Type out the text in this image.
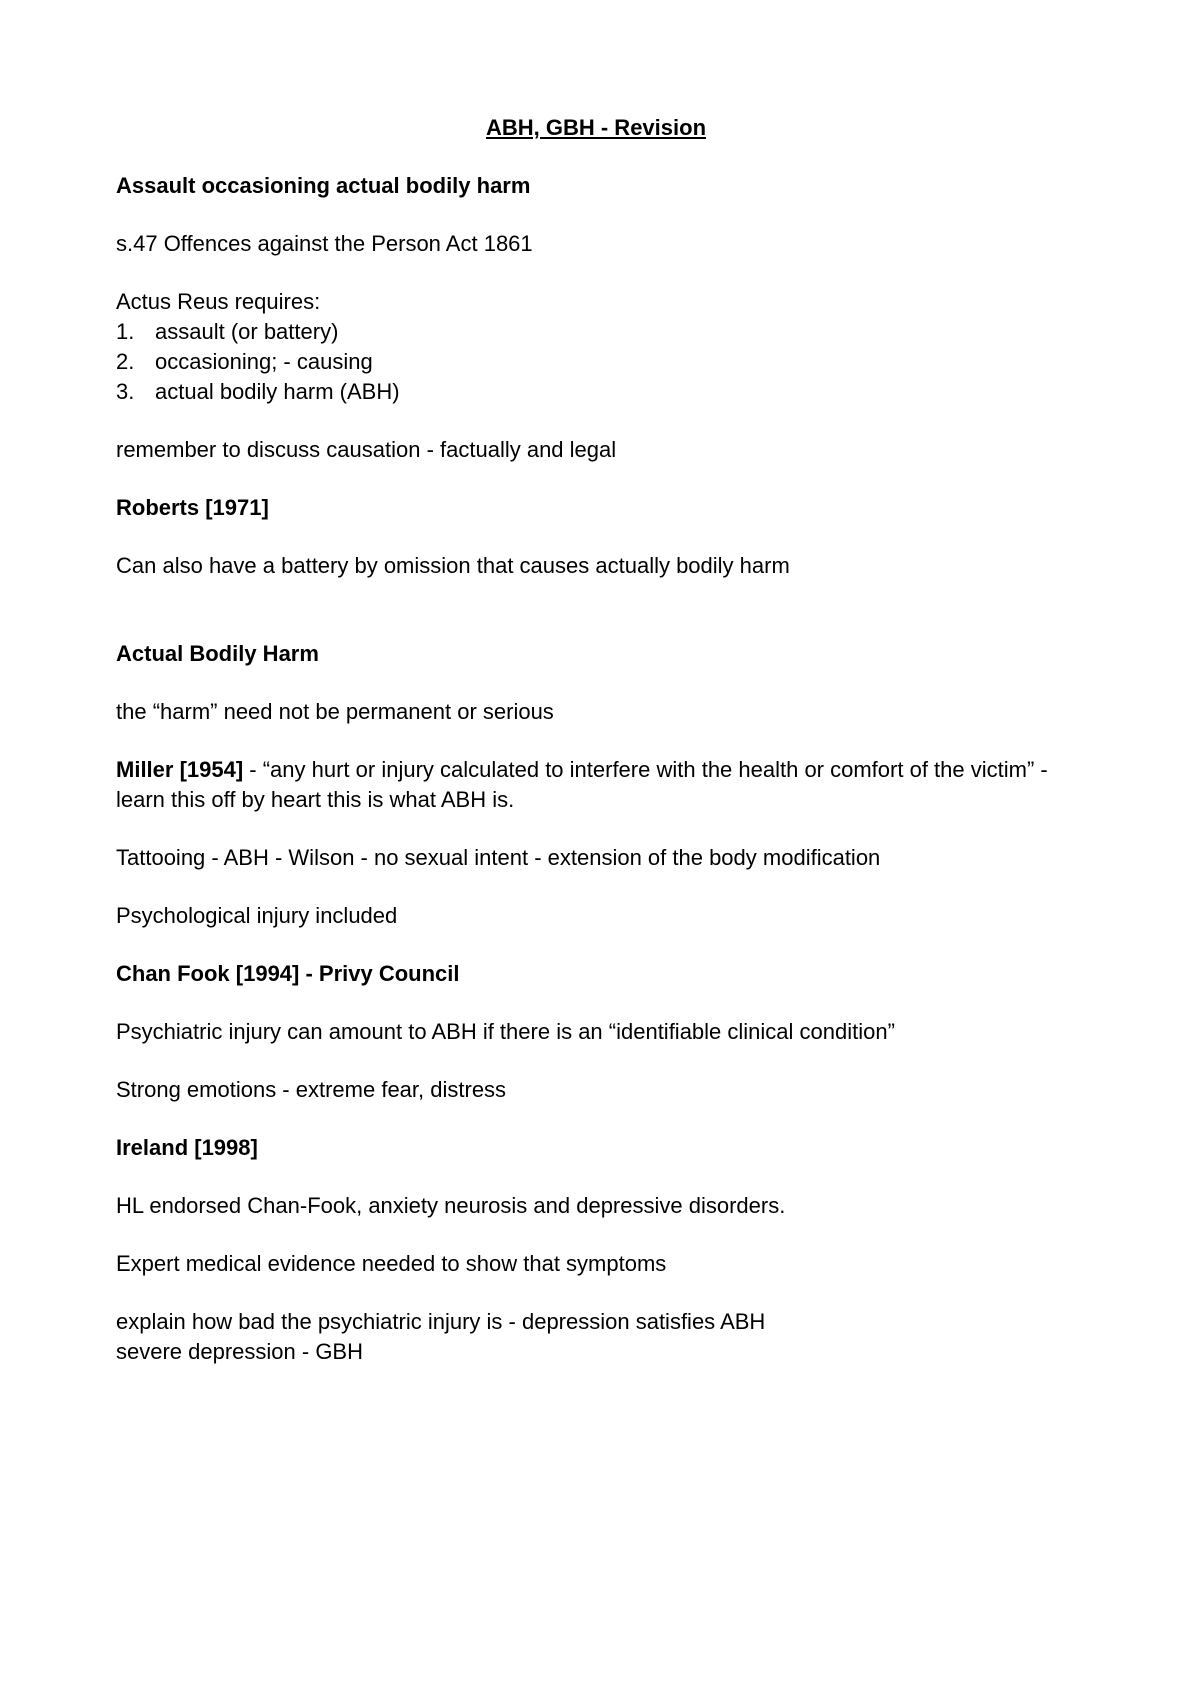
ABH, GBH - Revision
Assault occasioning actual bodily harm
s.47 Offences against the Person Act 1861
Actus Reus requires:
1. assault (or battery)
2. occasioning; - causing
3. actual bodily harm (ABH)
remember to discuss causation - factually and legal
Roberts [1971]
Can also have a battery by omission that causes actually bodily harm
Actual Bodily Harm
the “harm” need not be permanent or serious
Miller [1954] - “any hurt or injury calculated to interfere with the health or comfort of the victim” - learn this off by heart this is what ABH is.
Tattooing - ABH - Wilson - no sexual intent - extension of the body modification
Psychological injury included
Chan Fook [1994] - Privy Council
Psychiatric injury can amount to ABH if there is an “identifiable clinical condition”
Strong emotions - extreme fear, distress
Ireland [1998]
HL endorsed Chan-Fook, anxiety neurosis and depressive disorders.
Expert medical evidence needed to show that symptoms
explain how bad the psychiatric injury is - depression satisfies ABH
severe depression - GBH
